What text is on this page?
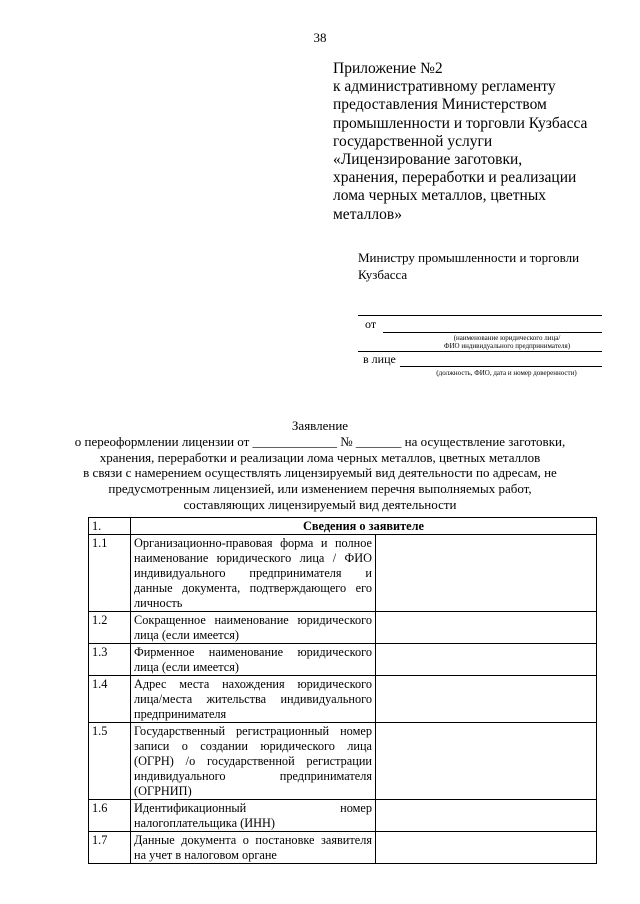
38
Приложение №2
к административному регламенту
предоставления Министерством
промышленности и торговли Кузбасса
государственной услуги
«Лицензирование заготовки,
хранения, переработки и реализации
лома черных металлов, цветных
металлов»
Министру промышленности и торговли
Кузбасса
от
(наименование юридического лица/
ФИО индивидуального предпринимателя)
в лице
(должность, ФИО, дата и номер доверенности)
Заявление
о переоформлении лицензии от _____________ № _______ на осуществление заготовки,
хранения, переработки и реализации лома черных металлов, цветных металлов
в связи с намерением осуществлять лицензируемый вид деятельности по адресам, не
предусмотренным лицензией, или изменением перечня выполняемых работ,
составляющих лицензируемый вид деятельности
1.	Сведения о заявителе	
1.1	Организационно-правовая форма и полное наименование юридического лица / ФИО индивидуального предпринимателя и данные документа, подтверждающего его личность	
1.2	Сокращенное наименование юридического лица (если имеется)	
1.3	Фирменное наименование юридического лица (если имеется)	
1.4	Адрес места нахождения юридического лица/места жительства индивидуального предпринимателя	
1.5	Государственный регистрационный номер записи о создании юридического лица (ОГРН) /о государственной регистрации индивидуального предпринимателя (ОГРНИП)	
1.6	Идентификационный номер налогоплательщика (ИНН)	
1.7	Данные документа о постановке заявителя на учет в налоговом органе	
